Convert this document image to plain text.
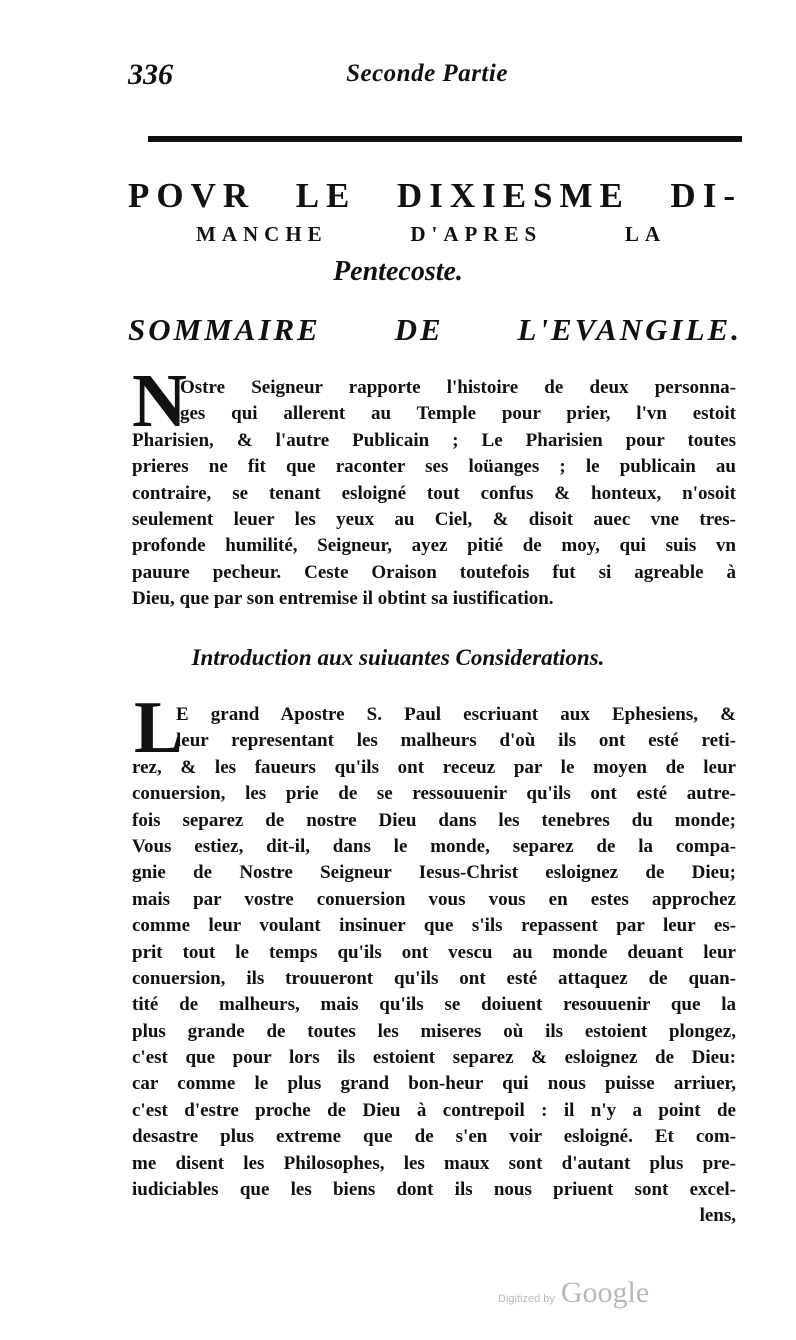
336	Seconde Partie
POVR LE DIXIESME DI-
MANCHE D'APRES LA
Pentecoste.
SOMMAIRE DE L'EVANGILE.
N
Ostre Seigneur rapporte l'histoire de deux personna-
ges qui allerent au Temple pour prier, l'vn estoit
Pharisien, & l'autre Publicain ; Le Pharisien pour toutes
prieres ne fit que raconter ses loüanges ; le publicain au
contraire, se tenant esloigné tout confus & honteux, n'osoit
seulement leuer les yeux au Ciel, & disoit auec vne tres-
profonde humilité, Seigneur, ayez pitié de moy, qui suis vn
pauure pecheur. Ceste Oraison toutefois fut si agreable à
Dieu, que par son entremise il obtint sa iustification.
Introduction aux suiuantes Considerations.
L
E grand Apostre S. Paul escriuant aux Ephesiens, &
leur representant les malheurs d'où ils ont esté reti-
rez, & les faueurs qu'ils ont receuz par le moyen de leur
conuersion, les prie de se ressouuenir qu'ils ont esté autre-
fois separez de nostre Dieu dans les tenebres du monde;
Vous estiez, dit-il, dans le monde, separez de la compa-
gnie de Nostre Seigneur Iesus-Christ esloignez de Dieu;
mais par vostre conuersion vous vous en estes approchez
comme leur voulant insinuer que s'ils repassent par leur es-
prit tout le temps qu'ils ont vescu au monde deuant leur
conuersion, ils trouueront qu'ils ont esté attaquez de quan-
tité de malheurs, mais qu'ils se doiuent resouuenir que la
plus grande de toutes les miseres où ils estoient plongez,
c'est que pour lors ils estoient separez & esloignez de Dieu:
car comme le plus grand bon-heur qui nous puisse arriuer,
c'est d'estre proche de Dieu à contrepoil : il n'y a point de
desastre plus extreme que de s'en voir esloigné. Et com-
me disent les Philosophes, les maux sont d'autant plus pre-
iudiciables que les biens dont ils nous priuent sont excel-
lens,
Digitized by Google
